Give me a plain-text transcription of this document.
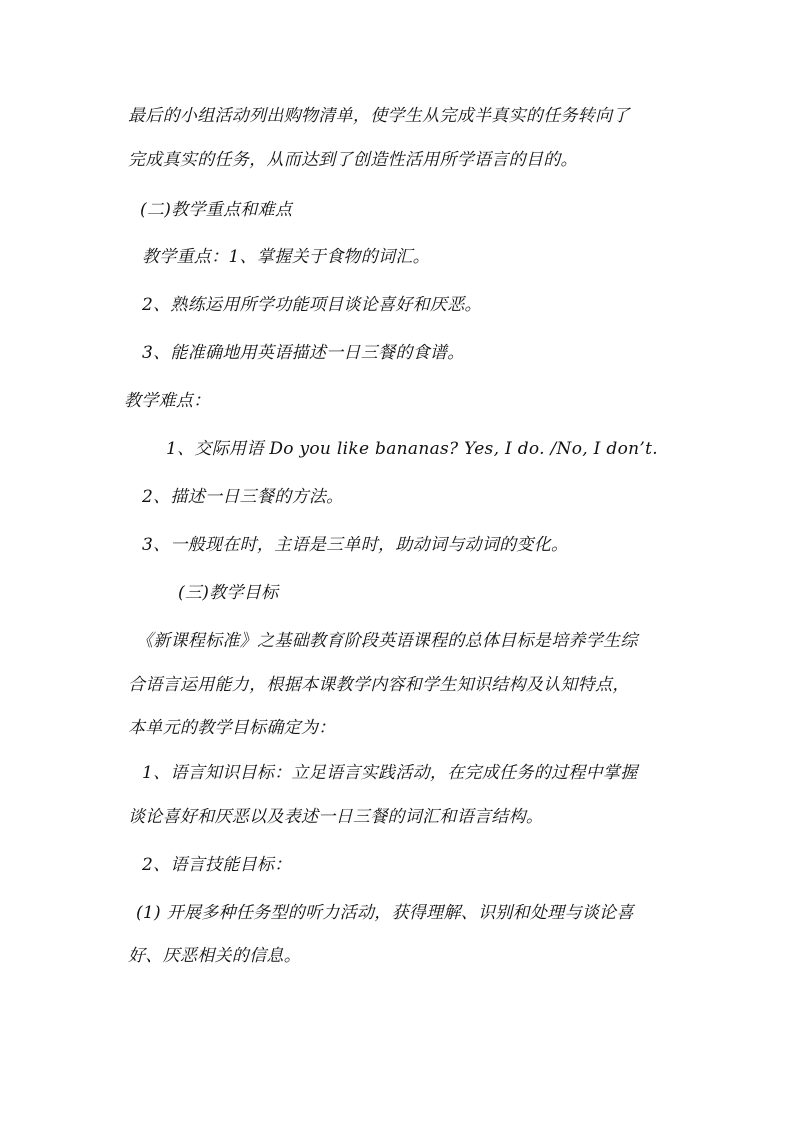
最后的小组活动列出购物清单，使学生从完成半真实的任务转向了
完成真实的任务，从而达到了创造性活用所学语言的目的。
(二)教学重点和难点
教学重点：1、掌握关于食物的词汇。
2、熟练运用所学功能项目谈论喜好和厌恶。
3、能准确地用英语描述一日三餐的食谱。
教学难点：
1、交际用语 Do you like bananas? Yes, I do. /No, I don’t.
2、描述一日三餐的方法。
3、一般现在时，主语是三单时，助动词与动词的变化。
(三)教学目标
《新课程标准》之基础教育阶段英语课程的总体目标是培养学生综
合语言运用能力，根据本课教学内容和学生知识结构及认知特点，
本单元的教学目标确定为：
1、语言知识目标：立足语言实践活动，在完成任务的过程中掌握
谈论喜好和厌恶以及表述一日三餐的词汇和语言结构。
2、语言技能目标：
(1) 开展多种任务型的听力活动，获得理解、识别和处理与谈论喜
好、厌恶相关的信息。
